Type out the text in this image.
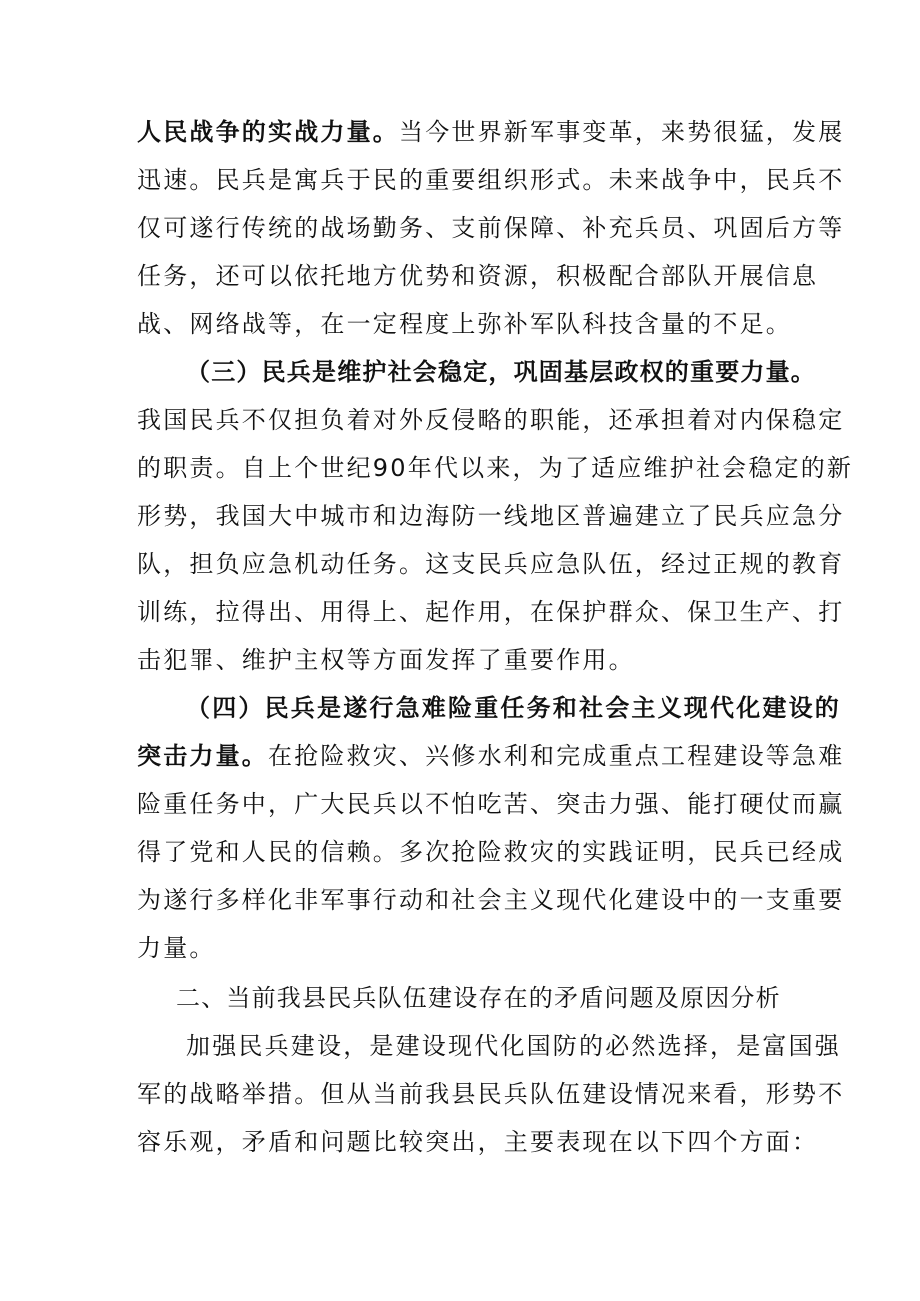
人民战争的实战力量。当今世界新军事变革，来势很猛，发展
迅速。民兵是寓兵于民的重要组织形式。未来战争中，民兵不
仅可遂行传统的战场勤务、支前保障、补充兵员、巩固后方等
任务，还可以依托地方优势和资源，积极配合部队开展信息
战、网络战等，在一定程度上弥补军队科技含量的不足。
（三）民兵是维护社会稳定，巩固基层政权的重要力量。
我国民兵不仅担负着对外反侵略的职能，还承担着对内保稳定
的职责。自上个世纪90年代以来，为了适应维护社会稳定的新
形势，我国大中城市和边海防一线地区普遍建立了民兵应急分
队，担负应急机动任务。这支民兵应急队伍，经过正规的教育
训练，拉得出、用得上、起作用，在保护群众、保卫生产、打
击犯罪、维护主权等方面发挥了重要作用。
（四）民兵是遂行急难险重任务和社会主义现代化建设的
突击力量。在抢险救灾、兴修水利和完成重点工程建设等急难
险重任务中，广大民兵以不怕吃苦、突击力强、能打硬仗而赢
得了党和人民的信赖。多次抢险救灾的实践证明，民兵已经成
为遂行多样化非军事行动和社会主义现代化建设中的一支重要
力量。
二、当前我县民兵队伍建设存在的矛盾问题及原因分析
加强民兵建设，是建设现代化国防的必然选择，是富国强
军的战略举措。但从当前我县民兵队伍建设情况来看，形势不
容乐观，矛盾和问题比较突出，主要表现在以下四个方面：
